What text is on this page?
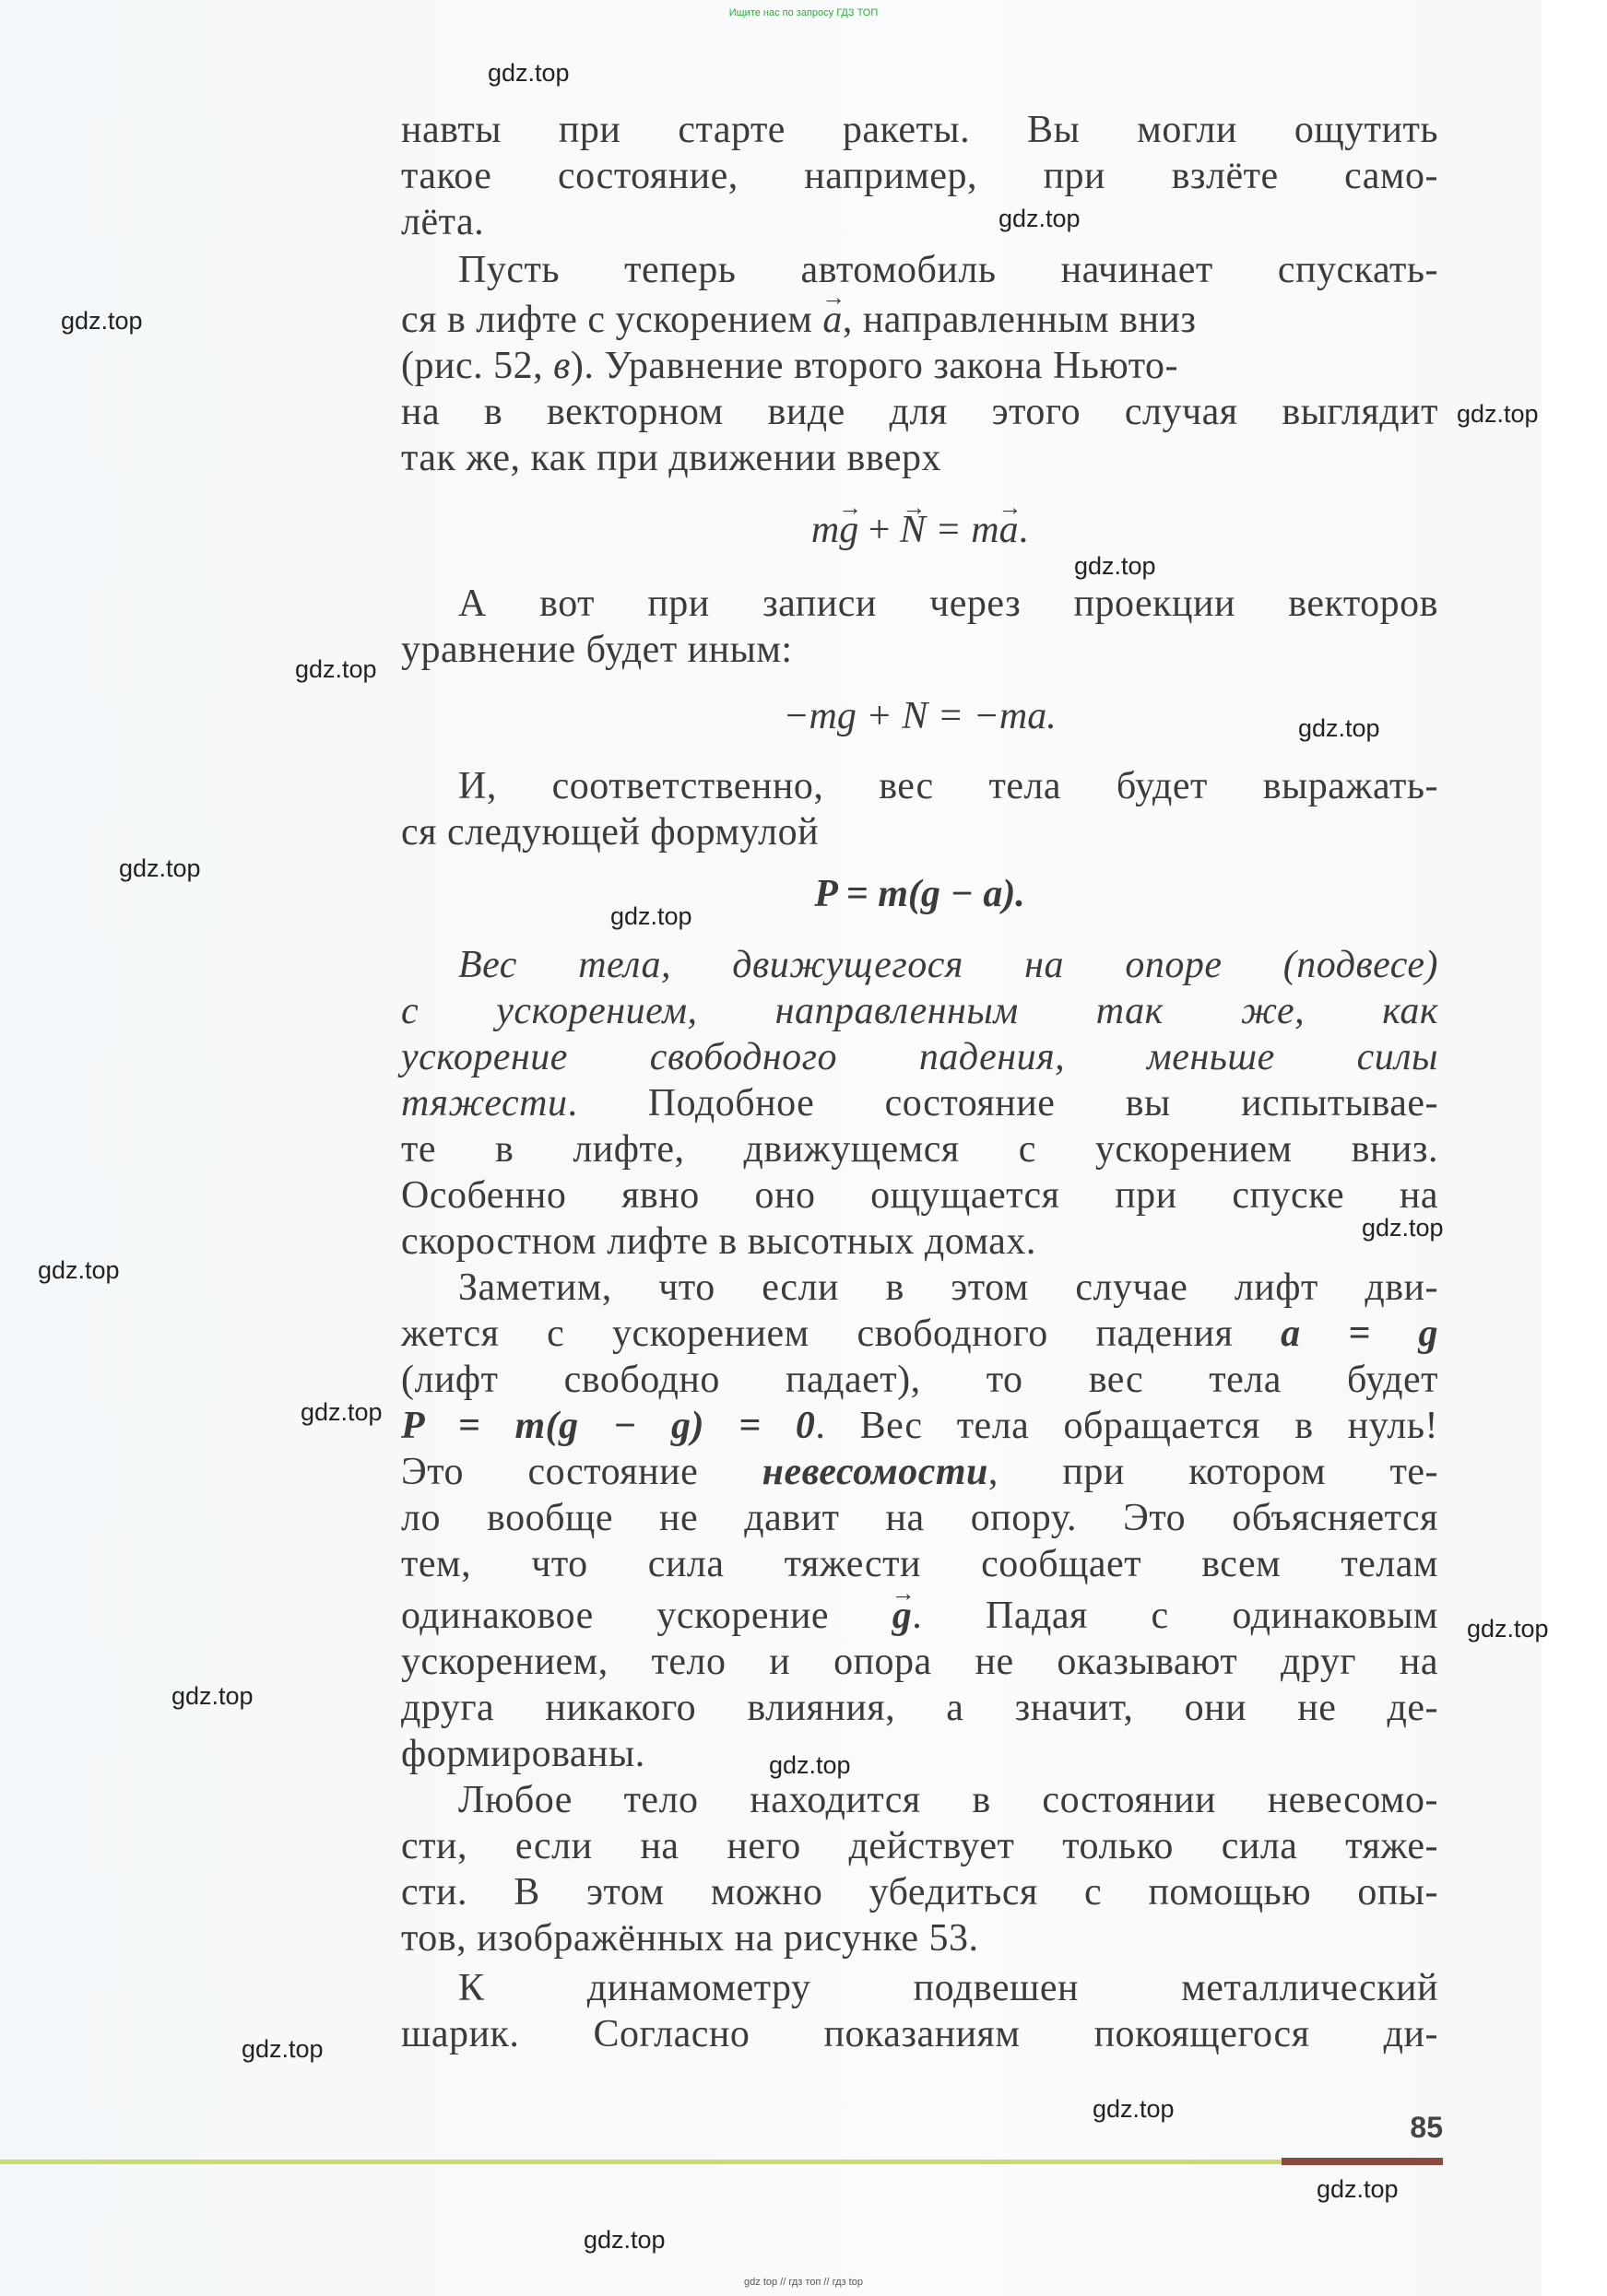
Ищите нас по запросу ГДЗ ТОП
навты при старте ракеты. Вы могли ощутить
такое состояние, например, при взлёте само-
лёта.
Пусть теперь автомобиль начинает спускать-
ся в лифте с ускорением → a, направленным вниз
(рис. 52, в). Уравнение второго закона Ньюто-
на в векторном виде для этого случая выглядит
так же, как при движении вверх
m→ g + → N = m→ a.
А вот при записи через проекции векторов
уравнение будет иным:
−mg + N = −ma.
И, соответственно, вес тела будет выражать-
ся следующей формулой
P = m(g − a).
Вес тела, движущегося на опоре (подвесе)
с ускорением, направленным так же, как
ускорение свободного падения, меньше силы
тяжести. Подобное состояние вы испытывае-
те в лифте, движущемся с ускорением вниз.
Особенно явно оно ощущается при спуске на
скоростном лифте в высотных домах.
Заметим, что если в этом случае лифт дви-
жется с ускорением свободного падения a = g
(лифт свободно падает), то вес тела будет
P = m(g − g) = 0. Вес тела обращается в нуль!
Это состояние невесомости, при котором те-
ло вообще не давит на опору. Это объясняется
тем, что сила тяжести сообщает всем телам
одинаковое ускорение → g. Падая с одинаковым
ускорением, тело и опора не оказывают друг на
друга никакого влияния, а значит, они не де-
формированы.
Любое тело находится в состоянии невесомо-
сти, если на него действует только сила тяже-
сти. В этом можно убедиться с помощью опы-
тов, изображённых на рисунке 53.
К динамометру подвешен металлический
шарик. Согласно показаниям покоящегося ди-
85
gdz.top
gdz.top
gdz.top
gdz.top
gdz.top
gdz.top
gdz.top
gdz.top
gdz.top
gdz.top
gdz.top
gdz.top
gdz.top
gdz.top
gdz.top
gdz.top
gdz.top
gdz.top
gdz.top
gdz top // гдз топ // гдз top
